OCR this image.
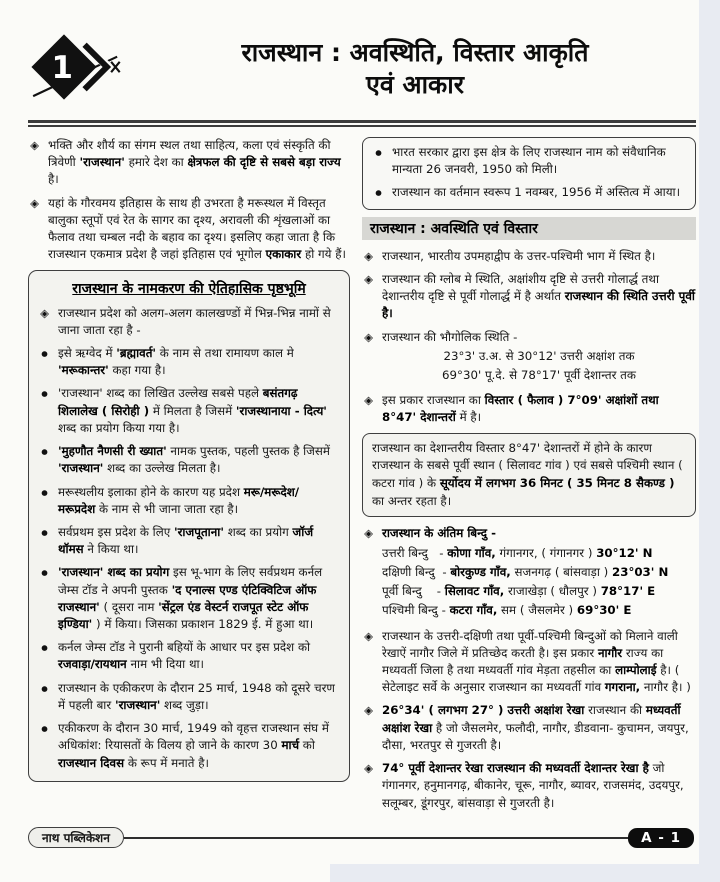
1	राजस्थान : अवस्थिति, विस्तार आकृति
एवं आकार
◈ भक्ति और शौर्य का संगम स्थल तथा साहित्य, कला एवं संस्कृति की त्रिवेणी 'राजस्थान' हमारे देश का क्षेत्रफल की दृष्टि से सबसे बड़ा राज्य है।
◈ यहां के गौरवमय इतिहास के साथ ही उभरता है मरूस्थल में विस्तृत बालुका स्तूपों एवं रेत के सागर का दृश्य, अरावली की शृंखलाओं का फैलाव तथा चम्बल नदी के बहाव का दृश्य। इसलिए कहा जाता है कि राजस्थान एकमात्र प्रदेश है जहां इतिहास एवं भूगोल एकाकार हो गये हैं।
राजस्थान के नामकरण की ऐतिहासिक पृष्ठभूमि
◈ राजस्थान प्रदेश को अलग-अलग कालखण्डों में भिन्न-भिन्न नामों से जाना जाता रहा है -
● इसे ऋग्वेद में 'ब्रह्मावर्त' के नाम से तथा रामायण काल मे 'मरूकान्तर' कहा गया है।
● 'राजस्थान' शब्द का लिखित उल्लेख सबसे पहले बसंतगढ़ शिलालेख ( सिरोही ) में मिलता है जिसमें 'राजस्थानाया - दित्य' शब्द का प्रयोग किया गया है।
● 'मुहणौत नैणसी री ख्यात' नामक पुस्तक, पहली पुस्तक है जिसमें 'राजस्थान' शब्द का उल्लेख मिलता है।
● मरूस्थलीय इलाका होने के कारण यह प्रदेश मरू/मरूदेश/ मरूप्रदेश के नाम से भी जाना जाता रहा है।
● सर्वप्रथम इस प्रदेश के लिए 'राजपूताना' शब्द का प्रयोग जॉर्ज थॉमस ने किया था।
● 'राजस्थान' शब्द का प्रयोग इस भू-भाग के लिए सर्वप्रथम कर्नल जेम्स टॉड ने अपनी पुस्तक 'द एनाल्स एण्ड एंटिक्विटिज ऑफ राजस्थान' ( दूसरा नाम 'सेंट्रल एंड वेस्टर्न राजपूत स्टेट ऑफ इण्डिया' ) में किया। जिसका प्रकाशन 1829 ई. में हुआ था।
● कर्नल जेम्स टॉड ने पुरानी बहियों के आधार पर इस प्रदेश को रजवाड़ा/रायथान नाम भी दिया था।
● राजस्थान के एकीकरण के दौरान 25 मार्च, 1948 को दूसरे चरण में पहली बार 'राजस्थान' शब्द जुड़ा।
● एकीकरण के दौरान 30 मार्च, 1949 को वृहत्त राजस्थान संघ में अधिकांश: रियासतों के विलय हो जाने के कारण 30 मार्च को राजस्थान दिवस के रूप में मनाते है।
● भारत सरकार द्वारा इस क्षेत्र के लिए राजस्थान नाम को संवैधानिक मान्यता 26 जनवरी, 1950 को मिली।
● राजस्थान का वर्तमान स्वरूप 1 नवम्बर, 1956 में अस्तित्व में आया।
राजस्थान : अवस्थिति एवं विस्तार
◈ राजस्थान, भारतीय उपमहाद्वीप के उत्तर-पश्चिमी भाग में स्थित है।
◈ राजस्थान की ग्लोब मे स्थिति, अक्षांशीय दृष्टि से उत्तरी गोलार्द्ध तथा देशान्तरीय दृष्टि से पूर्वी गोलार्द्ध में है अर्थात राजस्थान की स्थिति उत्तरी पूर्वी है।
◈ राजस्थान की भौगोलिक स्थिति -
23°3' उ.अ. से 30°12' उत्तरी अक्षांश तक
69°30' पू.दे. से 78°17' पूर्वी देशान्तर तक
◈ इस प्रकार राजस्थान का विस्तार ( फैलाव ) 7°09' अक्षांशों तथा 8°47' देशान्तरों में है।
राजस्थान का देशान्तरीय विस्तार 8°47' देशान्तरों में होने के कारण राजस्थान के सबसे पूर्वी स्थान ( सिलावट गांव ) एवं सबसे पश्चिमी स्थान ( कटरा गांव ) के सूर्योदय में लगभग 36 मिनट ( 35 मिनट 8 सैकण्ड ) का अन्तर रहता है।
◈ राजस्थान के अंतिम बिन्दु -
उत्तरी बिन्दु   - कोणा गाँव, गंगानगर, ( गंगानगर ) 30°12' N
दक्षिणी बिन्दु  - बोरकुण्ड गाँव, सजनगढ़ ( बांसवाड़ा ) 23°03' N
पूर्वी बिन्दु    - सिलावट गाँव, राजाखेड़ा ( धौलपुर ) 78°17' E
पश्चिमी बिन्दु - कटरा गाँव, सम ( जैसलमेर ) 69°30' E
◈ राजस्थान के उत्तरी-दक्षिणी तथा पूर्वी-पश्चिमी बिन्दुओं को मिलाने वाली रेखाऐं नागौर जिले में प्रतिच्छेद करती है। इस प्रकार नागौर राज्य का मध्यवर्ती जिला है तथा मध्यवर्ती गांव मेड़ता तहसील का लाम्पोलाई है। ( सेटेलाइट सर्वे के अनुसार राजस्थान का मध्यवर्ती गांव गगराना, नागौर है। )
◈ 26°34' ( लगभग 27° ) उत्तरी अक्षांश रेखा राजस्थान की मध्यवर्ती अक्षांश रेखा है जो जैसलमेर, फलौदी, नागौर, डीडवाना- कुचामन, जयपुर, दौसा, भरतपुर से गुजरती है।
◈ 74° पूर्वी देशान्तर रेखा राजस्थान की मध्यवर्ती देशान्तर रेखा है जो गंगानगर, हनुमानगढ़, बीकानेर, चूरू, नागौर, ब्यावर, राजसमंद, उदयपुर, सलूम्बर, डूंगरपुर, बांसवाड़ा से गुजरती है।
नाथ पब्लिकेशन	A - 1
